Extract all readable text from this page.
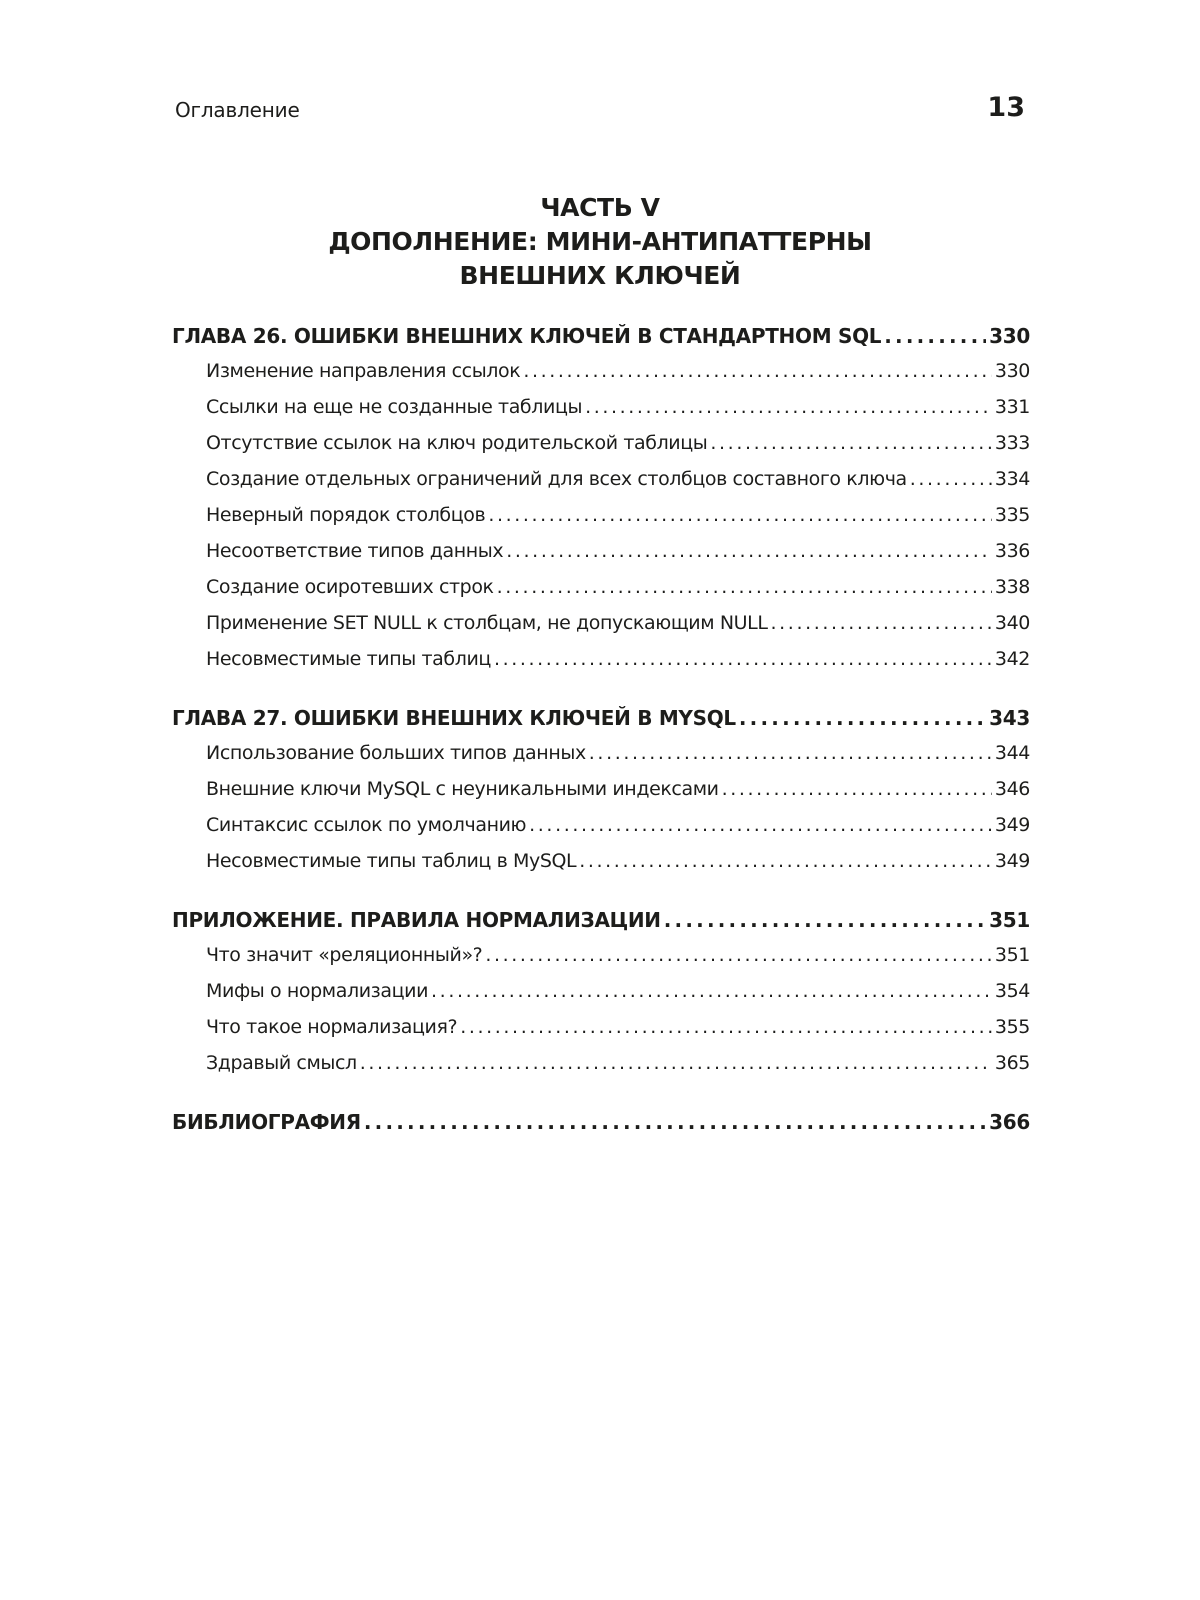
Оглавление	13
ЧАСТЬ V
ДОПОЛНЕНИЕ: МИНИ-АНТИПАТТЕРНЫ
ВНЕШНИХ КЛЮЧЕЙ
ГЛАВА 26. ОШИБКИ ВНЕШНИХ КЛЮЧЕЙ В СТАНДАРТНОМ SQL .....	330
Изменение направления ссылок .....	330
Ссылки на еще не созданные таблицы .....	331
Отсутствие ссылок на ключ родительской таблицы .....	333
Создание отдельных ограничений для всех столбцов составного ключа .....	334
Неверный порядок столбцов .....	335
Несоответствие типов данных .....	336
Создание осиротевших строк .....	338
Применение SET NULL к столбцам, не допускающим NULL .....	340
Несовместимые типы таблиц .....	342
ГЛАВА 27. ОШИБКИ ВНЕШНИХ КЛЮЧЕЙ В MYSQL .....	343
Использование больших типов данных .....	344
Внешние ключи MySQL с неуникальными индексами .....	346
Синтаксис ссылок по умолчанию .....	349
Несовместимые типы таблиц в MySQL .....	349
ПРИЛОЖЕНИЕ. ПРАВИЛА НОРМАЛИЗАЦИИ .....	351
Что значит «реляционный»? .....	351
Мифы о нормализации .....	354
Что такое нормализация? .....	355
Здравый смысл .....	365
БИБЛИОГРАФИЯ .....	366
